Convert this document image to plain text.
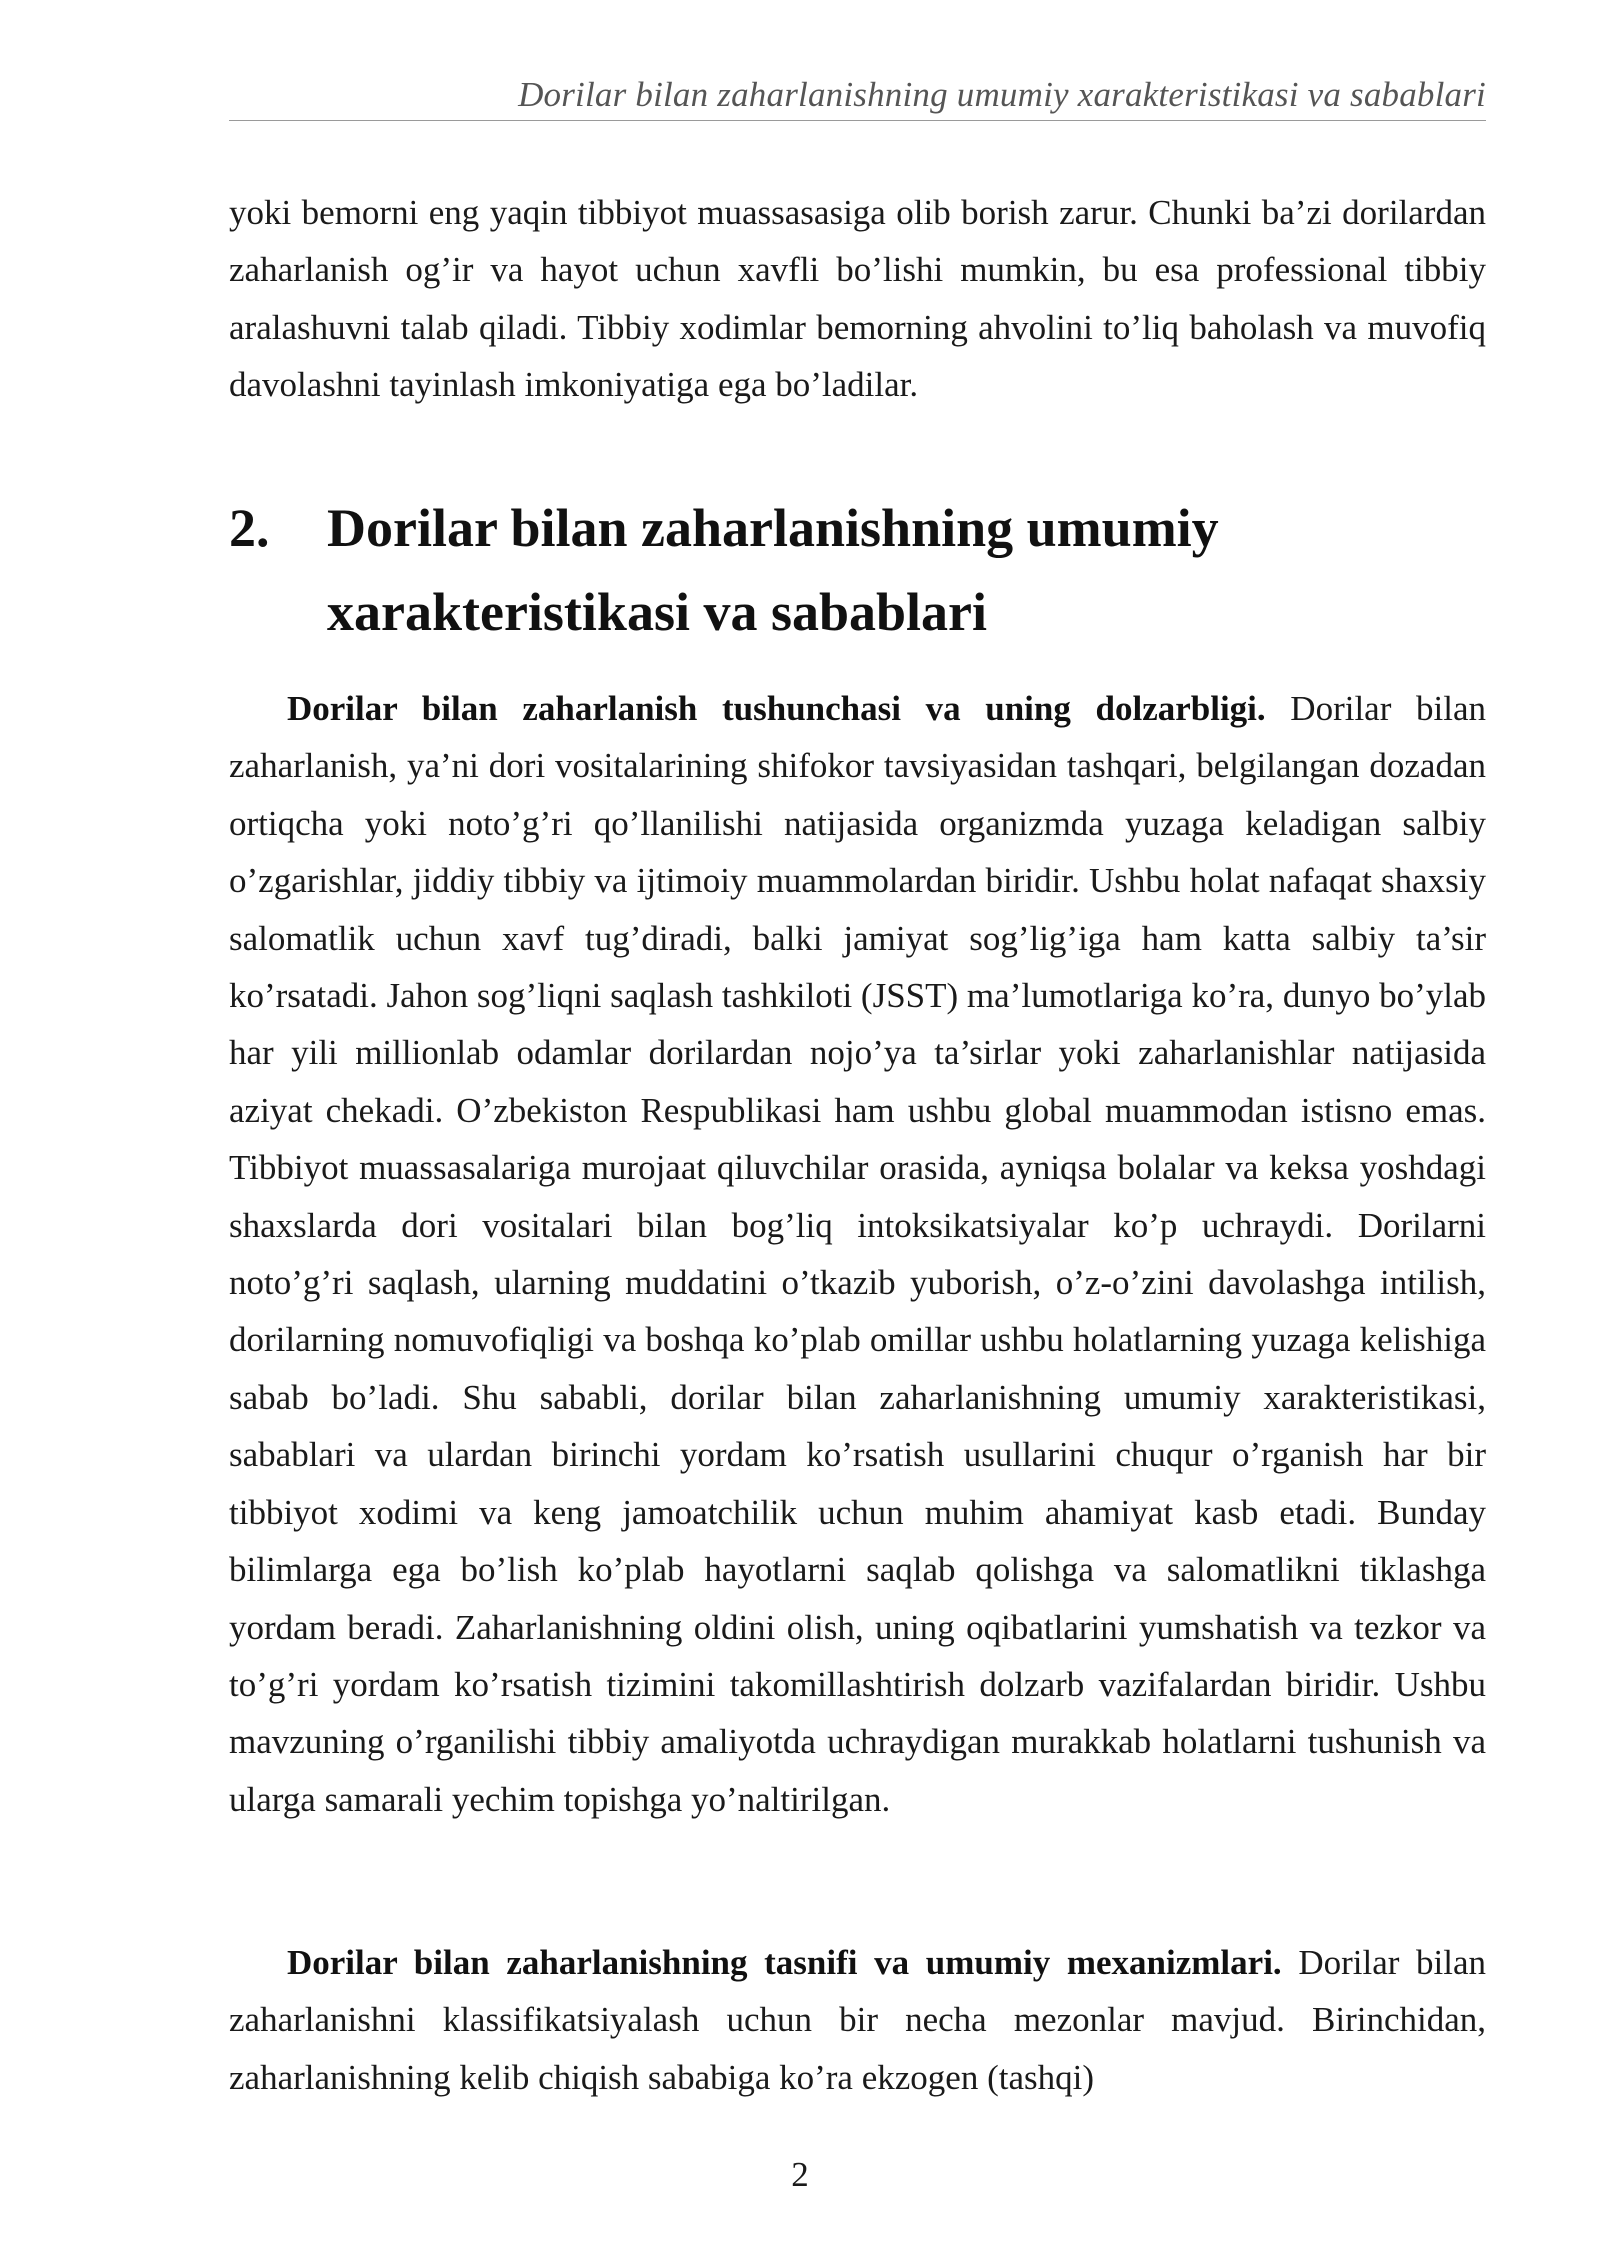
Dorilar bilan zaharlanishning umumiy xarakteristikasi va sabablari

yoki bemorni eng yaqin tibbiyot muassasasiga olib borish zarur. Chunki ba’zi dorilardan zaharlanish og’ir va hayot uchun xavfli bo’lishi mumkin, bu esa professional tibbiy aralashuvni talab qiladi. Tibbiy xodimlar bemorning ahvolini to’liq baholash va muvofiq davolashni tayinlash imkoniyatiga ega bo’ladilar.

2.	Dorilar bilan zaharlanishning umumiy xarakteristikasi va sabablari

Dorilar bilan zaharlanish tushunchasi va uning dolzarbligi. Dorilar bilan zaharlanish, ya’ni dori vositalarining shifokor tavsiyasidan tashqari, belgilangan dozadan ortiqcha yoki noto’g’ri qo’llanilishi natijasida organizmda yuzaga keladigan salbiy o’zgarishlar, jiddiy tibbiy va ijtimoiy muammolardan biridir. Ushbu holat nafaqat shaxsiy salomatlik uchun xavf tug’diradi, balki jamiyat sog’lig’iga ham katta salbiy ta’sir ko’rsatadi. Jahon sog’liqni saqlash tashkiloti (JSST) ma’lumotlariga ko’ra, dunyo bo’ylab har yili millionlab odamlar dorilardan nojo’ya ta’sirlar yoki zaharlanishlar natijasida aziyat chekadi. O’zbekiston Respublikasi ham ushbu global muammodan istisno emas. Tibbiyot muassasalariga murojaat qiluvchilar orasida, ayniqsa bolalar va keksa yoshdagi shaxslarda dori vositalari bilan bog’liq intoksikatsiyalar ko’p uchraydi. Dorilarni noto’g’ri saqlash, ularning muddatini o’tkazib yuborish, o’z-o’zini davolashga intilish, dorilarning nomuvofiqligi va boshqa ko’plab omillar ushbu holatlarning yuzaga kelishiga sabab bo’ladi. Shu sababli, dorilar bilan zaharlanishning umumiy xarakteristikasi, sabablari va ulardan birinchi yordam ko’rsatish usullarini chuqur o’rganish har bir tibbiyot xodimi va keng jamoatchilik uchun muhim ahamiyat kasb etadi. Bunday bilimlarga ega bo’lish ko’plab hayotlarni saqlab qolishga va salomatlikni tiklashga yordam beradi. Zaharlanishning oldini olish, uning oqibatlarini yumshatish va tezkor va to’g’ri yordam ko’rsatish tizimini takomillashtirish dolzarb vazifalardan biridir. Ushbu mavzuning o’rganilishi tibbiy amaliyotda uchraydigan murakkab holatlarni tushunish va ularga samarali yechim topishga yo’naltirilgan.

Dorilar bilan zaharlanishning tasnifi va umumiy mexanizmlari. Dorilar bilan zaharlanishni klassifikatsiyalash uchun bir necha mezonlar mavjud. Birinchidan, zaharlanishning kelib chiqish sababiga ko’ra ekzogen (tashqi)

2
